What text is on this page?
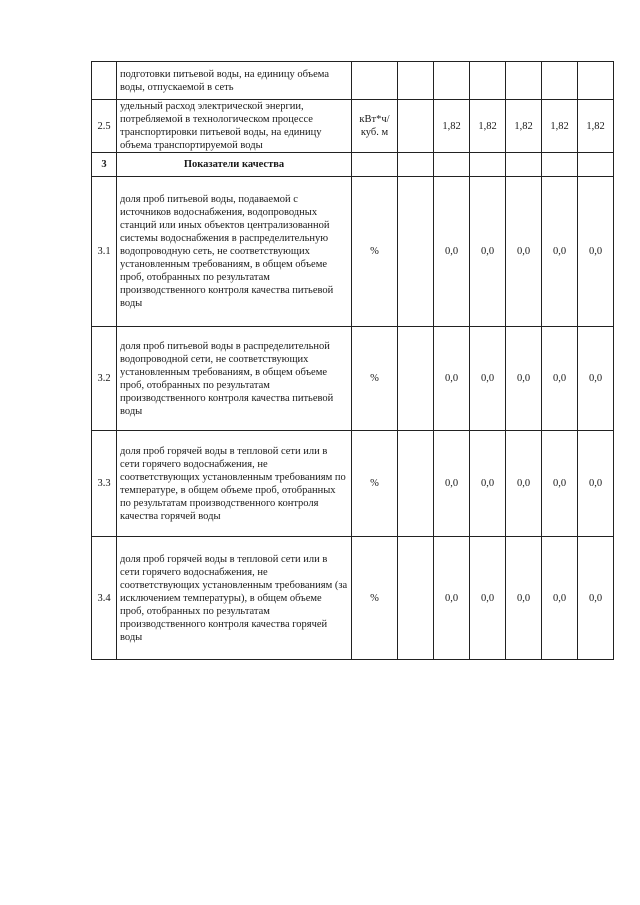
	подготовки питьевой воды, на единицу объема воды, отпускаемой в сеть							
2.5	удельный расход электрической энергии, потребляемой в технологическом процессе транспортировки питьевой воды, на единицу объема транспортируемой воды	кВт*ч/куб. м		1,82	1,82	1,82	1,82	1,82
3	Показатели качества							
3.1	доля проб питьевой воды, подаваемой с источников водоснабжения, водопроводных станций или иных объектов централизованной системы водоснабжения в распределительную водопроводную сеть, не соответствующих установленным требованиям, в общем объеме проб, отобранных по результатам производственного контроля качества питьевой воды	%		0,0	0,0	0,0	0,0	0,0
3.2	доля проб питьевой воды в распределительной водопроводной сети, не соответствующих установленным требованиям, в общем объеме проб, отобранных по результатам производственного контроля качества питьевой воды	%		0,0	0,0	0,0	0,0	0,0
3.3	доля проб горячей воды в тепловой сети или в сети горячего водоснабжения, не соответствующих установленным требованиям по температуре, в общем объеме проб, отобранных по результатам производственного контроля качества горячей воды	%		0,0	0,0	0,0	0,0	0,0
3.4	доля проб горячей воды в тепловой сети или в сети горячего водоснабжения, не соответствующих установленным требованиям (за исключением температуры), в общем объеме проб, отобранных по результатам производственного контроля качества горячей воды	%		0,0	0,0	0,0	0,0	0,0
